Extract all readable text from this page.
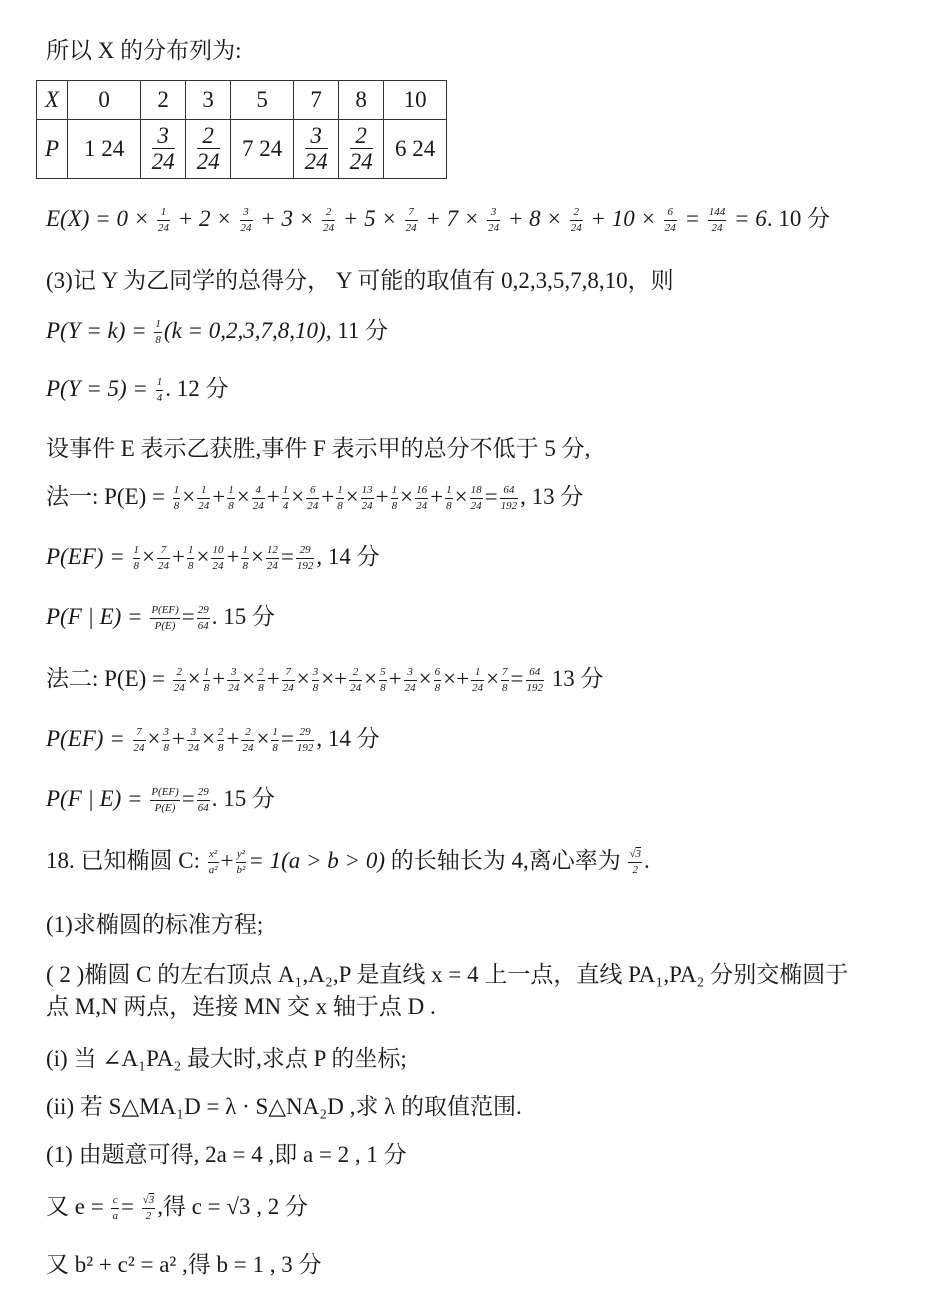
所以 X 的分布列为:
X	0	2	3	5	7	8	10
P	1 24	$\frac{3}{24}$	$\frac{2}{24}$	7 24	$\frac{3}{24}$	$\frac{2}{24}$	6 24
$E(X) = 0 \times \frac{1}{24} + 2 \times \frac{3}{24} + 3 \times \frac{2}{24} + 5 \times \frac{7}{24} + 7 \times \frac{3}{24} + 8 \times \frac{2}{24} + 10 \times \frac{6}{24} = \frac{144}{24} = 6$. 10 分
(3)记 Y 为乙同学的总得分， Y 可能的取值有 0,2,3,5,7,8,10，则
$P(Y = k) = \frac{1}{8} (k = 0,2,3,7,8,10)$, 11 分
$P(Y = 5) = \frac{1}{4}$ . 12 分
设事件 E 表示乙获胜,事件 F 表示甲的总分不低于 5 分,
法一: $P(E) = \frac{1}{8} \times \frac{1}{24} + \frac{1}{8} \times \frac{4}{24} + \frac{1}{4} \times \frac{6}{24} + \frac{1}{8} \times \frac{13}{24} + \frac{1}{8} \times \frac{16}{24} + \frac{1}{8} \times \frac{18}{24} = \frac{64}{192}$ , 13 分
$P(EF) = \frac{1}{8} \times \frac{7}{24} + \frac{1}{8} \times \frac{10}{24} + \frac{1}{8} \times \frac{12}{24} = \frac{29}{192}$ , 14 分
P(F | $E) = \frac{P(EF)}{P(E)} = \frac{29}{64}$ . 15 分
法二: $P(E) = \frac{2}{24} \times \frac{1}{8} + \frac{3}{24} \times \frac{2}{8} + \frac{7}{24} \times \frac{3}{8} \times+ \frac{2}{24} \times \frac{5}{8} + \frac{3}{24} \times \frac{6}{8} \times+ \frac{1}{24} \times \frac{7}{8} = \frac{64}{192} 13$ 分
$P(EF) = \frac{7}{24} \times \frac{3}{8} + \frac{3}{24} \times \frac{2}{8} + \frac{2}{24} \times \frac{1}{8} = \frac{29}{192}$ , 14 分
P(F | $E) = \frac{P(EF)}{P(E)} = \frac{29}{64}$ . 15 分
18. 已知椭圆 C: $\frac{\text{x²}}{\text{a²}} + \frac{\text{y²}}{\text{b²}} = 1(a > b > 0)$ 的长轴长为 4,离心率为 $\frac{√3}{2}$ .
(1)求椭圆的标准方程;
( 2 )椭圆 C 的左右顶点 A₁,A₂,P 是直线 x = 4 上一点，直线 PA₁,PA₂ 分别交椭圆于
点 M,N 两点，连接 MN 交 x 轴于点 D .
(i) 当 ∠A₁PA₂ 最大时,求点 P 的坐标;
(ii) 若 S△MA₁D = λ · S△NA₂D ,求 λ 的取值范围.
(1) 由题意可得, 2a = 4 ,即 a = 2 , 1 分
又 $e = \frac{c}{a} = \frac{√3}{2}$ ,得 c = √3 , 2 分
又 b² + c² = a² ,得 b = 1 , 3 分
